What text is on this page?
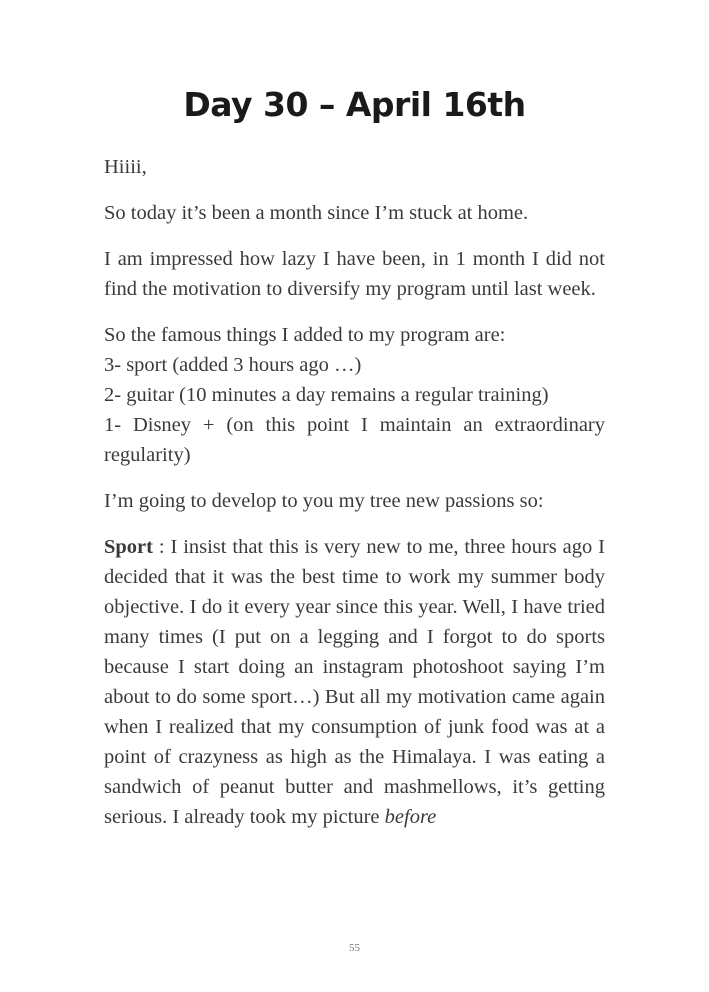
Day 30 – April 16th

Hiiii,

So today it’s been a month since I’m stuck at home.

I am impressed how lazy I have been, in 1 month I did not find the motivation to diversify my program until last week.

So the famous things I added to my program are:

3- sport (added 3 hours ago …)

2- guitar (10 minutes a day remains a regular training)

1- Disney + (on this point I maintain an extraordinary regularity)

I’m going to develop to you my tree new passions so:

Sport : I insist that this is very new to me, three hours ago I decided that it was the best time to work my summer body objective. I do it every year since this year. Well, I have tried many times (I put on a legging and I forgot to do sports because I start doing an instagram photoshoot saying I’m about to do some sport…) But all my motivation came again when I realized that my consumption of junk food was at a point of crazyness as high as the Himalaya. I was eating a sandwich of peanut butter and mashmellows, it’s getting serious. I already took my picture before

55
